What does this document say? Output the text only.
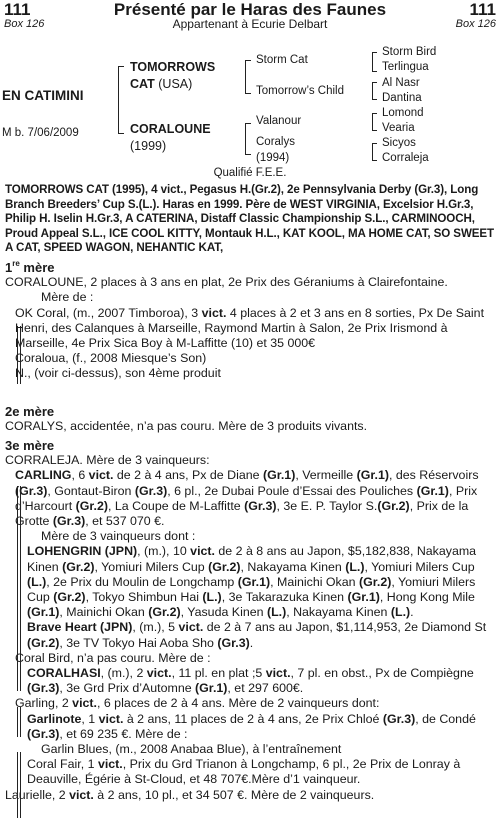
111	Présenté par le Haras des Faunes	111
Box 126	Appartenant à Ecurie Delbart	Box 126
EN CATIMINI
M b. 7/06/2009
TOMORROWS
CAT (USA)
CORALOUNE
(1999)
Storm Cat
Tomorrow’s Child
Valanour
Coralys
(1994)
Storm Bird
Terlingua
Al Nasr
Dantina
Lomond
Vearia
Sicyos
Corraleja
Qualifié F.E.E.
TOMORROWS CAT (1995), 4 vict., Pegasus H.(Gr.2), 2e Pennsylvania Derby (Gr.3), Long Branch Breeders’ Cup S.(L.). Haras en 1999. Père de WEST VIRGINIA, Excelsior H.Gr.3, Philip H. Iselin H.Gr.3, A CATERINA, Distaff Classic Championship S.L., CARMINOOCH, Proud Appeal S.L., ICE COOL KITTY, Montauk H.L., KAT KOOL, MA HOME CAT, SO SWEET A CAT, SPEED WAGON, NEHANTIC KAT,
1re mère
CORALOUNE, 2 places à 3 ans en plat, 2e Prix des Géraniums à Clairefontaine.
Mère de :
OK Coral, (m., 2007 Timboroa), 3 vict. 4 places à 2 et 3 ans en 8 sorties, Px De Saint Henri, des Calanques à Marseille, Raymond Martin à Salon, 2e Prix Irismond à Marseille, 4e Prix Sica Boy à M-Laffitte (10) et 35 000€
Coraloua, (f., 2008 Miesque’s Son)
N., (voir ci-dessus), son 4ème produit
2e mère
CORALYS, accidentée, n’a pas couru. Mère de 3 produits vivants.
3e mère
CORRALEJA. Mère de 3 vainqueurs:
CARLING, 6 vict. de 2 à 4 ans, Px de Diane (Gr.1), Vermeille (Gr.1), des Réservoirs (Gr.3), Gontaut-Biron (Gr.3), 6 pl., 2e Dubai Poule d’Essai des Pouliches (Gr.1), Prix d’Harcourt (Gr.2), La Coupe de M-Laffitte (Gr.3), 3e E. P. Taylor S.(Gr.2), Prix de la Grotte (Gr.3), et 537 070 €.
Mère de 3 vainqueurs dont :
LOHENGRIN (JPN), (m.), 10 vict. de 2 à 8 ans au Japon, $5,182,838, Nakayama Kinen (Gr.2), Yomiuri Milers Cup (Gr.2), Nakayama Kinen (L.), Yomiuri Milers Cup (L.), 2e Prix du Moulin de Longchamp (Gr.1), Mainichi Okan (Gr.2), Yomiuri Milers Cup (Gr.2), Tokyo Shimbun Hai (L.), 3e Takarazuka Kinen (Gr.1), Hong Kong Mile (Gr.1), Mainichi Okan (Gr.2), Yasuda Kinen (L.), Nakayama Kinen (L.).
Brave Heart (JPN), (m.), 5 vict. de 2 à 7 ans au Japon, $1,114,953, 2e Diamond St (Gr.2), 3e TV Tokyo Hai Aoba Sho (Gr.3).
Coral Bird, n’a pas couru. Mère de :
CORALHASI, (m.), 2 vict., 11 pl. en plat ;5 vict., 7 pl. en obst., Px de Compiègne (Gr.3), 3e Grd Prix d’Automne (Gr.1), et 297 600€.
Garling, 2 vict., 6 places de 2 à 4 ans. Mère de 2 vainqueurs dont:
Garlinote, 1 vict. à 2 ans, 11 places de 2 à 4 ans, 2e Prix Chloé (Gr.3), de Condé (Gr.3), et 69 235 €. Mère de :
Garlin Blues, (m., 2008 Anabaa Blue), à l’entraînement
Coral Fair, 1 vict., Prix du Grd Trianon à Longchamp, 6 pl., 2e Prix de Lonray à Deauville, Égérie à St-Cloud, et 48 707€.Mère d’1 vainqueur.
Laurielle, 2 vict. à 2 ans, 10 pl., et 34 507 €. Mère de 2 vainqueurs.
